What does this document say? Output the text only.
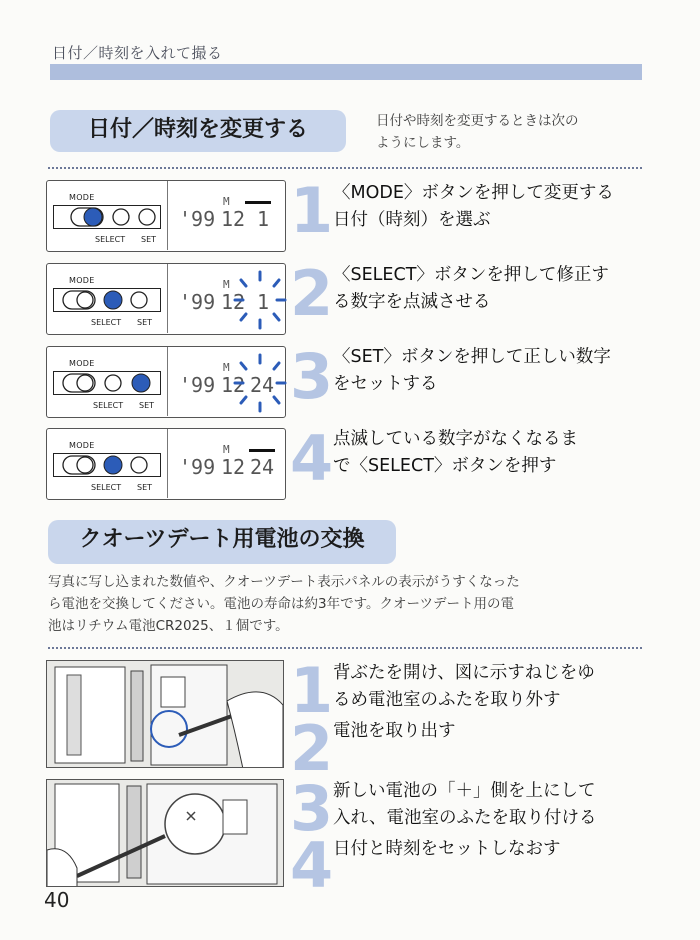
日付／時刻を入れて撮る
日付／時刻を変更する	日付や時刻を変更するときは次の
ようにします。
MODE
SELECT SET
'99
M
12 1 1 〈MODE〉ボタンを押して変更する
日付（時刻）を選ぶ
MODE
SELECT SET
'99
M
12 1 2 〈SELECT〉ボタンを押して修正す
る数字を点滅させる
MODE
SELECT SET
'99
M
12 24 3 〈SET〉ボタンを押して正しい数字
をセットする
MODE
SELECT SET
'99
M
12 24 4 点滅している数字がなくなるま
で〈SELECT〉ボタンを押す
クオーツデート用電池の交換
写真に写し込まれた数値や、クオーツデート表示パネルの表示がうすくなった
ら電池を交換してください。電池の寿命は約3年です。クオーツデート用の電
池はリチウム電池CR2025、１個です。
1 背ぶたを開け、図に示すねじをゆ
るめ電池室のふたを取り外す
2 電池を取り出す
3 新しい電池の「＋」側を上にして
入れ、電池室のふたを取り付ける
4 日付と時刻をセットしなおす
40
